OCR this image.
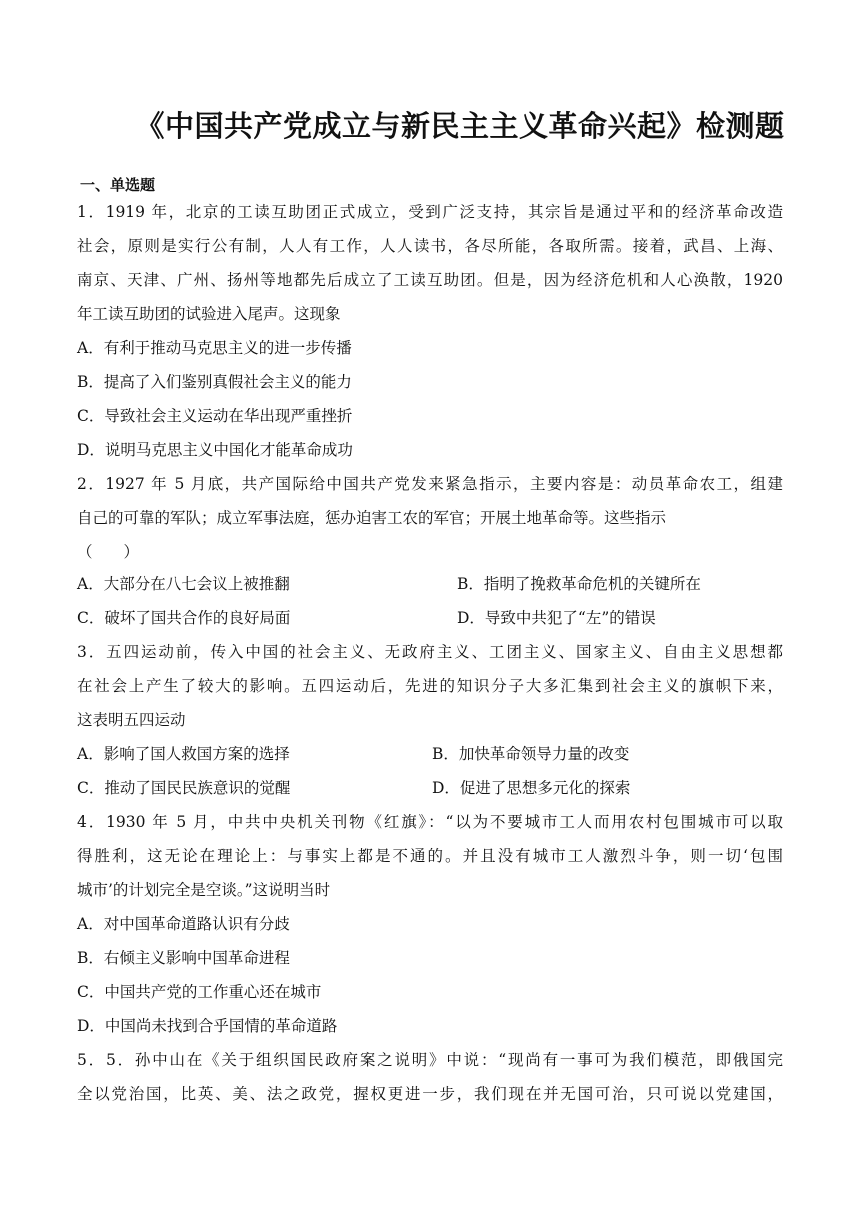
《中国共产党成立与新民主主义革命兴起》检测题
一、单选题
1．1919 年，北京的工读互助团正式成立，受到广泛支持，其宗旨是通过平和的经济革命改造
社会，原则是实行公有制，人人有工作，人人读书，各尽所能，各取所需。接着，武昌、上海、
南京、天津、广州、扬州等地都先后成立了工读互助团。但是，因为经济危机和人心涣散，1920
年工读互助团的试验进入尾声。这现象
A．有利于推动马克思主义的进一步传播
B．提高了入们鉴别真假社会主义的能力
C．导致社会主义运动在华出现严重挫折
D．说明马克思主义中国化才能革命成功
2．1927 年 5 月底，共产国际给中国共产党发来紧急指示，主要内容是：动员革命农工，组建
自己的可靠的军队；成立军事法庭，惩办迫害工农的军官；开展土地革命等。这些指示
（　　）
A．大部分在八七会议上被推翻	B．指明了挽救革命危机的关键所在
C．破坏了国共合作的良好局面	D．导致中共犯了“左”的错误
3．五四运动前，传入中国的社会主义、无政府主义、工团主义、国家主义、自由主义思想都
在社会上产生了较大的影响。五四运动后，先进的知识分子大多汇集到社会主义的旗帜下来，
这表明五四运动
A．影响了国人救国方案的选择	B．加快革命领导力量的改变
C．推动了国民民族意识的觉醒	D．促进了思想多元化的探索
4．1930 年 5 月，中共中央机关刊物《红旗》：“以为不要城市工人而用农村包围城市可以取
得胜利，这无论在理论上：与事实上都是不通的。并且没有城市工人激烈斗争，则一切‘包围
城市’的计划完全是空谈。”这说明当时
A．对中国革命道路认识有分歧
B．右倾主义影响中国革命进程
C．中国共产党的工作重心还在城市
D．中国尚未找到合乎国情的革命道路
5．5．孙中山在《关于组织国民政府案之说明》中说：“现尚有一事可为我们模范，即俄国完
全以党治国，比英、美、法之政党，握权更进一步，我们现在并无国可治，只可说以党建国，
